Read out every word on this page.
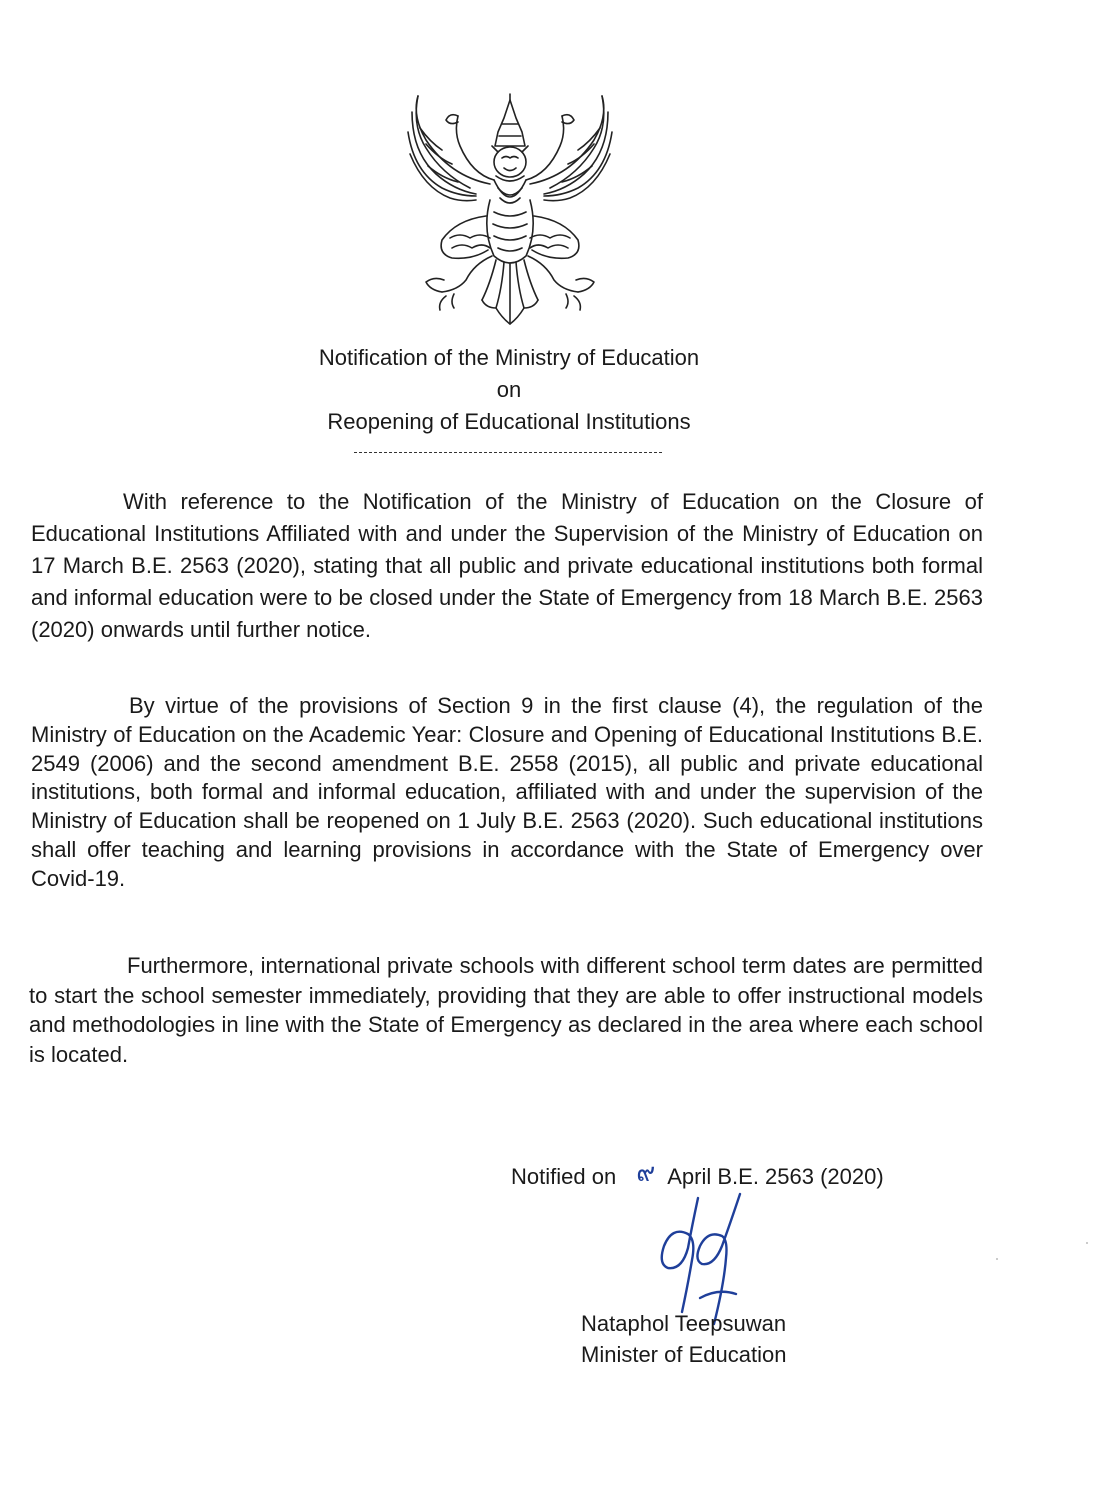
Notification of the Ministry of Education
on
Reopening of Educational Institutions

With reference to the Notification of the Ministry of Education on the Closure of Educational Institutions Affiliated with and under the Supervision of the Ministry of Education on 17 March B.E. 2563 (2020), stating that all public and private educational institutions both formal and informal education were to be closed under the State of Emergency from 18 March B.E. 2563 (2020) onwards until further notice.

By virtue of the provisions of Section 9 in the first clause (4), the regulation of the Ministry of Education on the Academic Year: Closure and Opening of Educational Institutions B.E. 2549 (2006) and the second amendment B.E. 2558 (2015), all public and private educational institutions, both formal and informal education, affiliated with and under the supervision of the Ministry of Education shall be reopened on 1 July B.E. 2563 (2020). Such educational institutions shall offer teaching and learning provisions in accordance with the State of Emergency over Covid-19.

Furthermore, international private schools with different school term dates are permitted to start the school semester immediately, providing that they are able to offer instructional models and methodologies in line with the State of Emergency as declared in the area where each school is located.

Notified on ๙ April B.E. 2563 (2020)
Nataphol Teepsuwan
Minister of Education
